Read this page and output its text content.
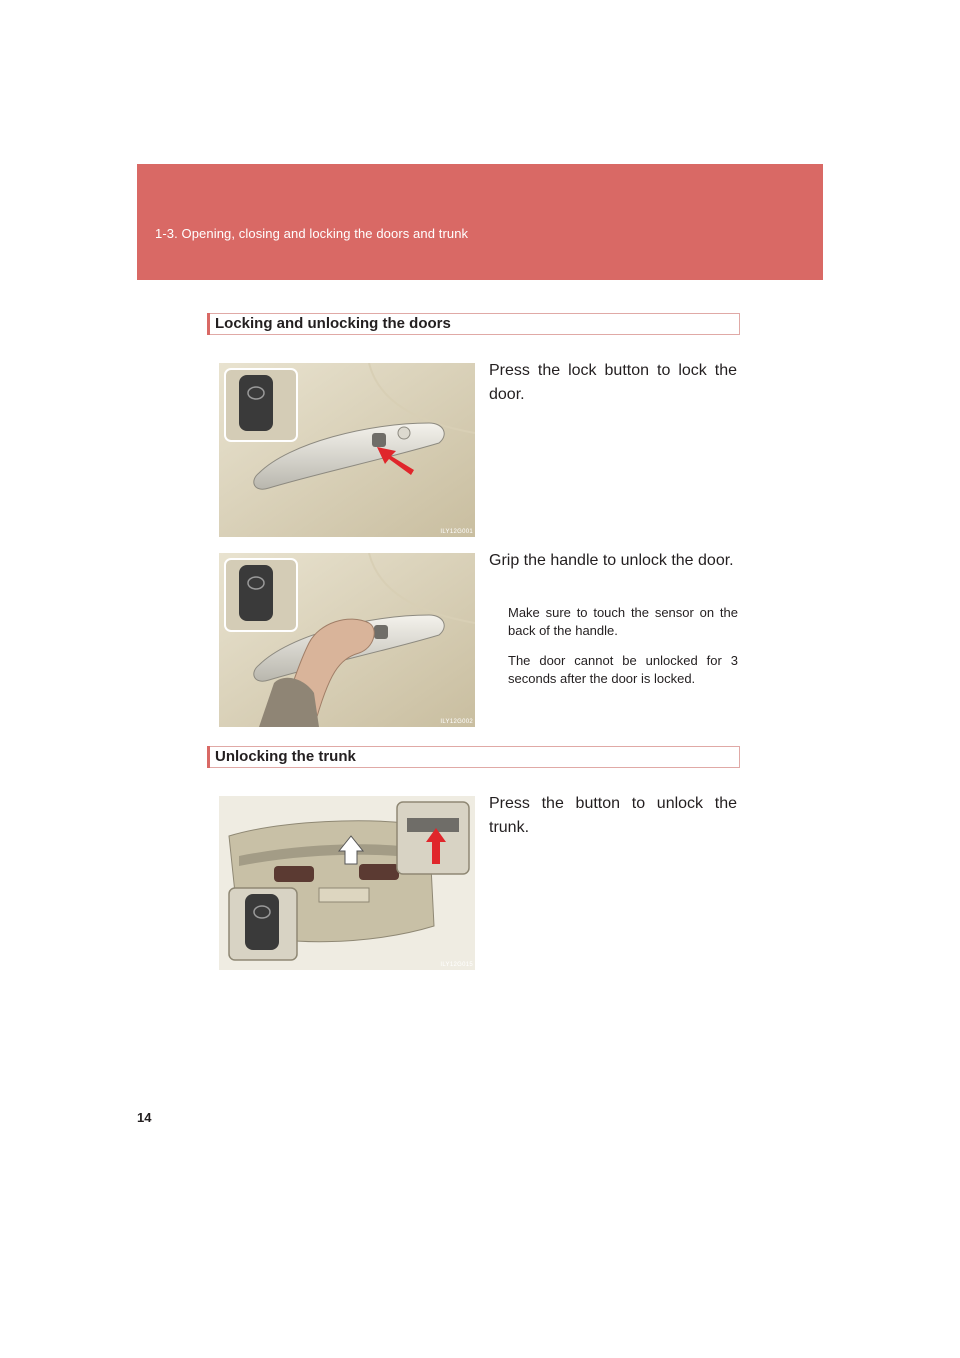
1-3. Opening, closing and locking the doors and trunk
Locking and unlocking the doors
ILY12G001
Press the lock button to lock the door.
ILY12G002
Grip the handle to unlock the door.
Make sure to touch the sensor on the back of the handle.
The door cannot be unlocked for 3 seconds after the door is locked.
Unlocking the trunk
ILY12G015
Press the button to unlock the trunk.
14
